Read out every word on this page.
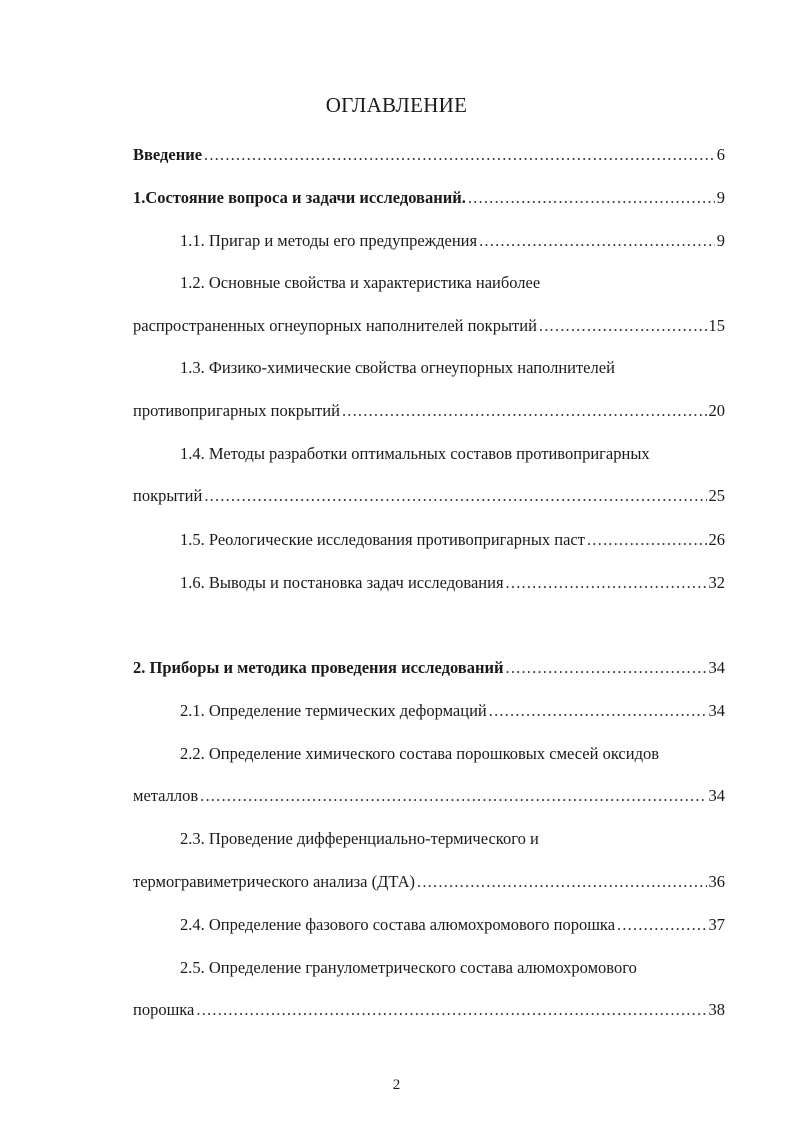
ОГЛАВЛЕНИЕ
Введение .....	6
1.Состояние вопроса и задачи исследований. .....	9
1.1. Пригар и методы его предупреждения .....	9
1.2. Основные свойства и характеристика наиболее
распространенных огнеупорных наполнителей покрытий .....	15
1.3. Физико-химические свойства огнеупорных наполнителей
противопригарных покрытий .....	20
1.4. Методы разработки оптимальных составов противопригарных
покрытий .....	25
1.5. Реологические исследования противопригарных паст .....	26
1.6. Выводы и постановка задач исследования .....	32
2. Приборы и методика проведения исследований .....	34
2.1. Определение термических деформаций .....	34
2.2. Определение химического состава порошковых смесей оксидов
металлов .....	34
2.3. Проведение дифференциально-термического и
термогравиметрического анализа (ДТА) .....	36
2.4. Определение фазового состава алюмохромового порошка .....	37
2.5. Определение гранулометрического состава алюмохромового
порошка .....	38
2
